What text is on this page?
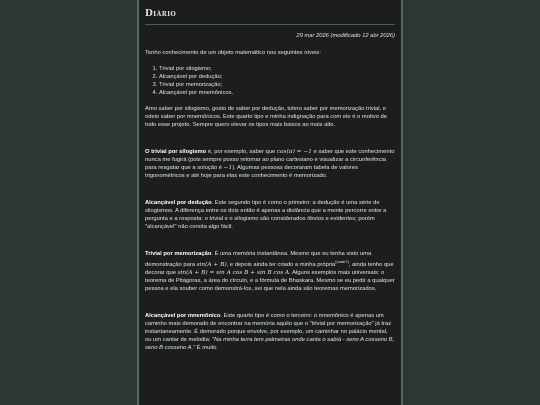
Diário
29 mar 2026 (modificado 12 abr 2026)

Tenho conhecimento de um objeto matemático nos seguintes níveis:

1. Trivial por silogismo;
2. Alcançável por dedução;
3. Trivial por memorização;
4. Alcançável por mnemônicos.

Amo saber por silogismo, gosto de saber por dedução, tolero saber por memorização trivial, e odeio saber por mnemônicos. Este quarto tipo e minha indignação para com ele é o motivo de todo esse projeto. Sempre quero elevar os tipos mais baixos ao mais alto.

O trivial por silogismo é, por exemplo, saber que cos(π) = −1 e saber que este conhecimento nunca me fugirá (pois sempre posso retornar ao plano cartesiano e visualizar a circunferência para resgatar que a solução é −1). Algumas pessoas decoraram tabela de valores trigonométricos e até hoje para elas este conhecimento é memorizado.

Alcançável por dedução. Este segundo tipo é como o primeiro: a dedução é uma série de silogismos. A diferença entre os dois então é apenas a distância que a mente percorre entre a pergunta e a resposta: o trivial e o silogismo são considerados óbvios e evidentes; porém "alcançável" não conota algo fácil.

Trivial por memorização. É uma memória instantânea. Mesmo que eu tenha visto uma demonstração para sin(A + B), e depois ainda ter criado a minha própria$^{(code?)}$, ainda tenho que decorar que sin(A + B) = sin A cos B + sin B cos A. Alguns exemplos mais universais: o teorema de Pitágoras, a área do círculo, e a fórmula de Bhaskara. Mesmo se eu pedir a qualquer pessoa e ela souber como demonstrá-los, sei que nela ainda são teoremas memorizados.

Alcançável por mnemônico. Este quarto tipo é como o terceiro: o mnemônico é apenas um caminho mais demorado de encontrar na memória aquilo que o "trivial por memorização" já traz instantaneamente. É demorado porque envolve, por exemplo, um caminhar no palácio mental, ou um cantar de melodia: "Na minha terra tem palmeiras onde canta o sabiá - seno A cosseno B, seno B cosseno A." É muito
